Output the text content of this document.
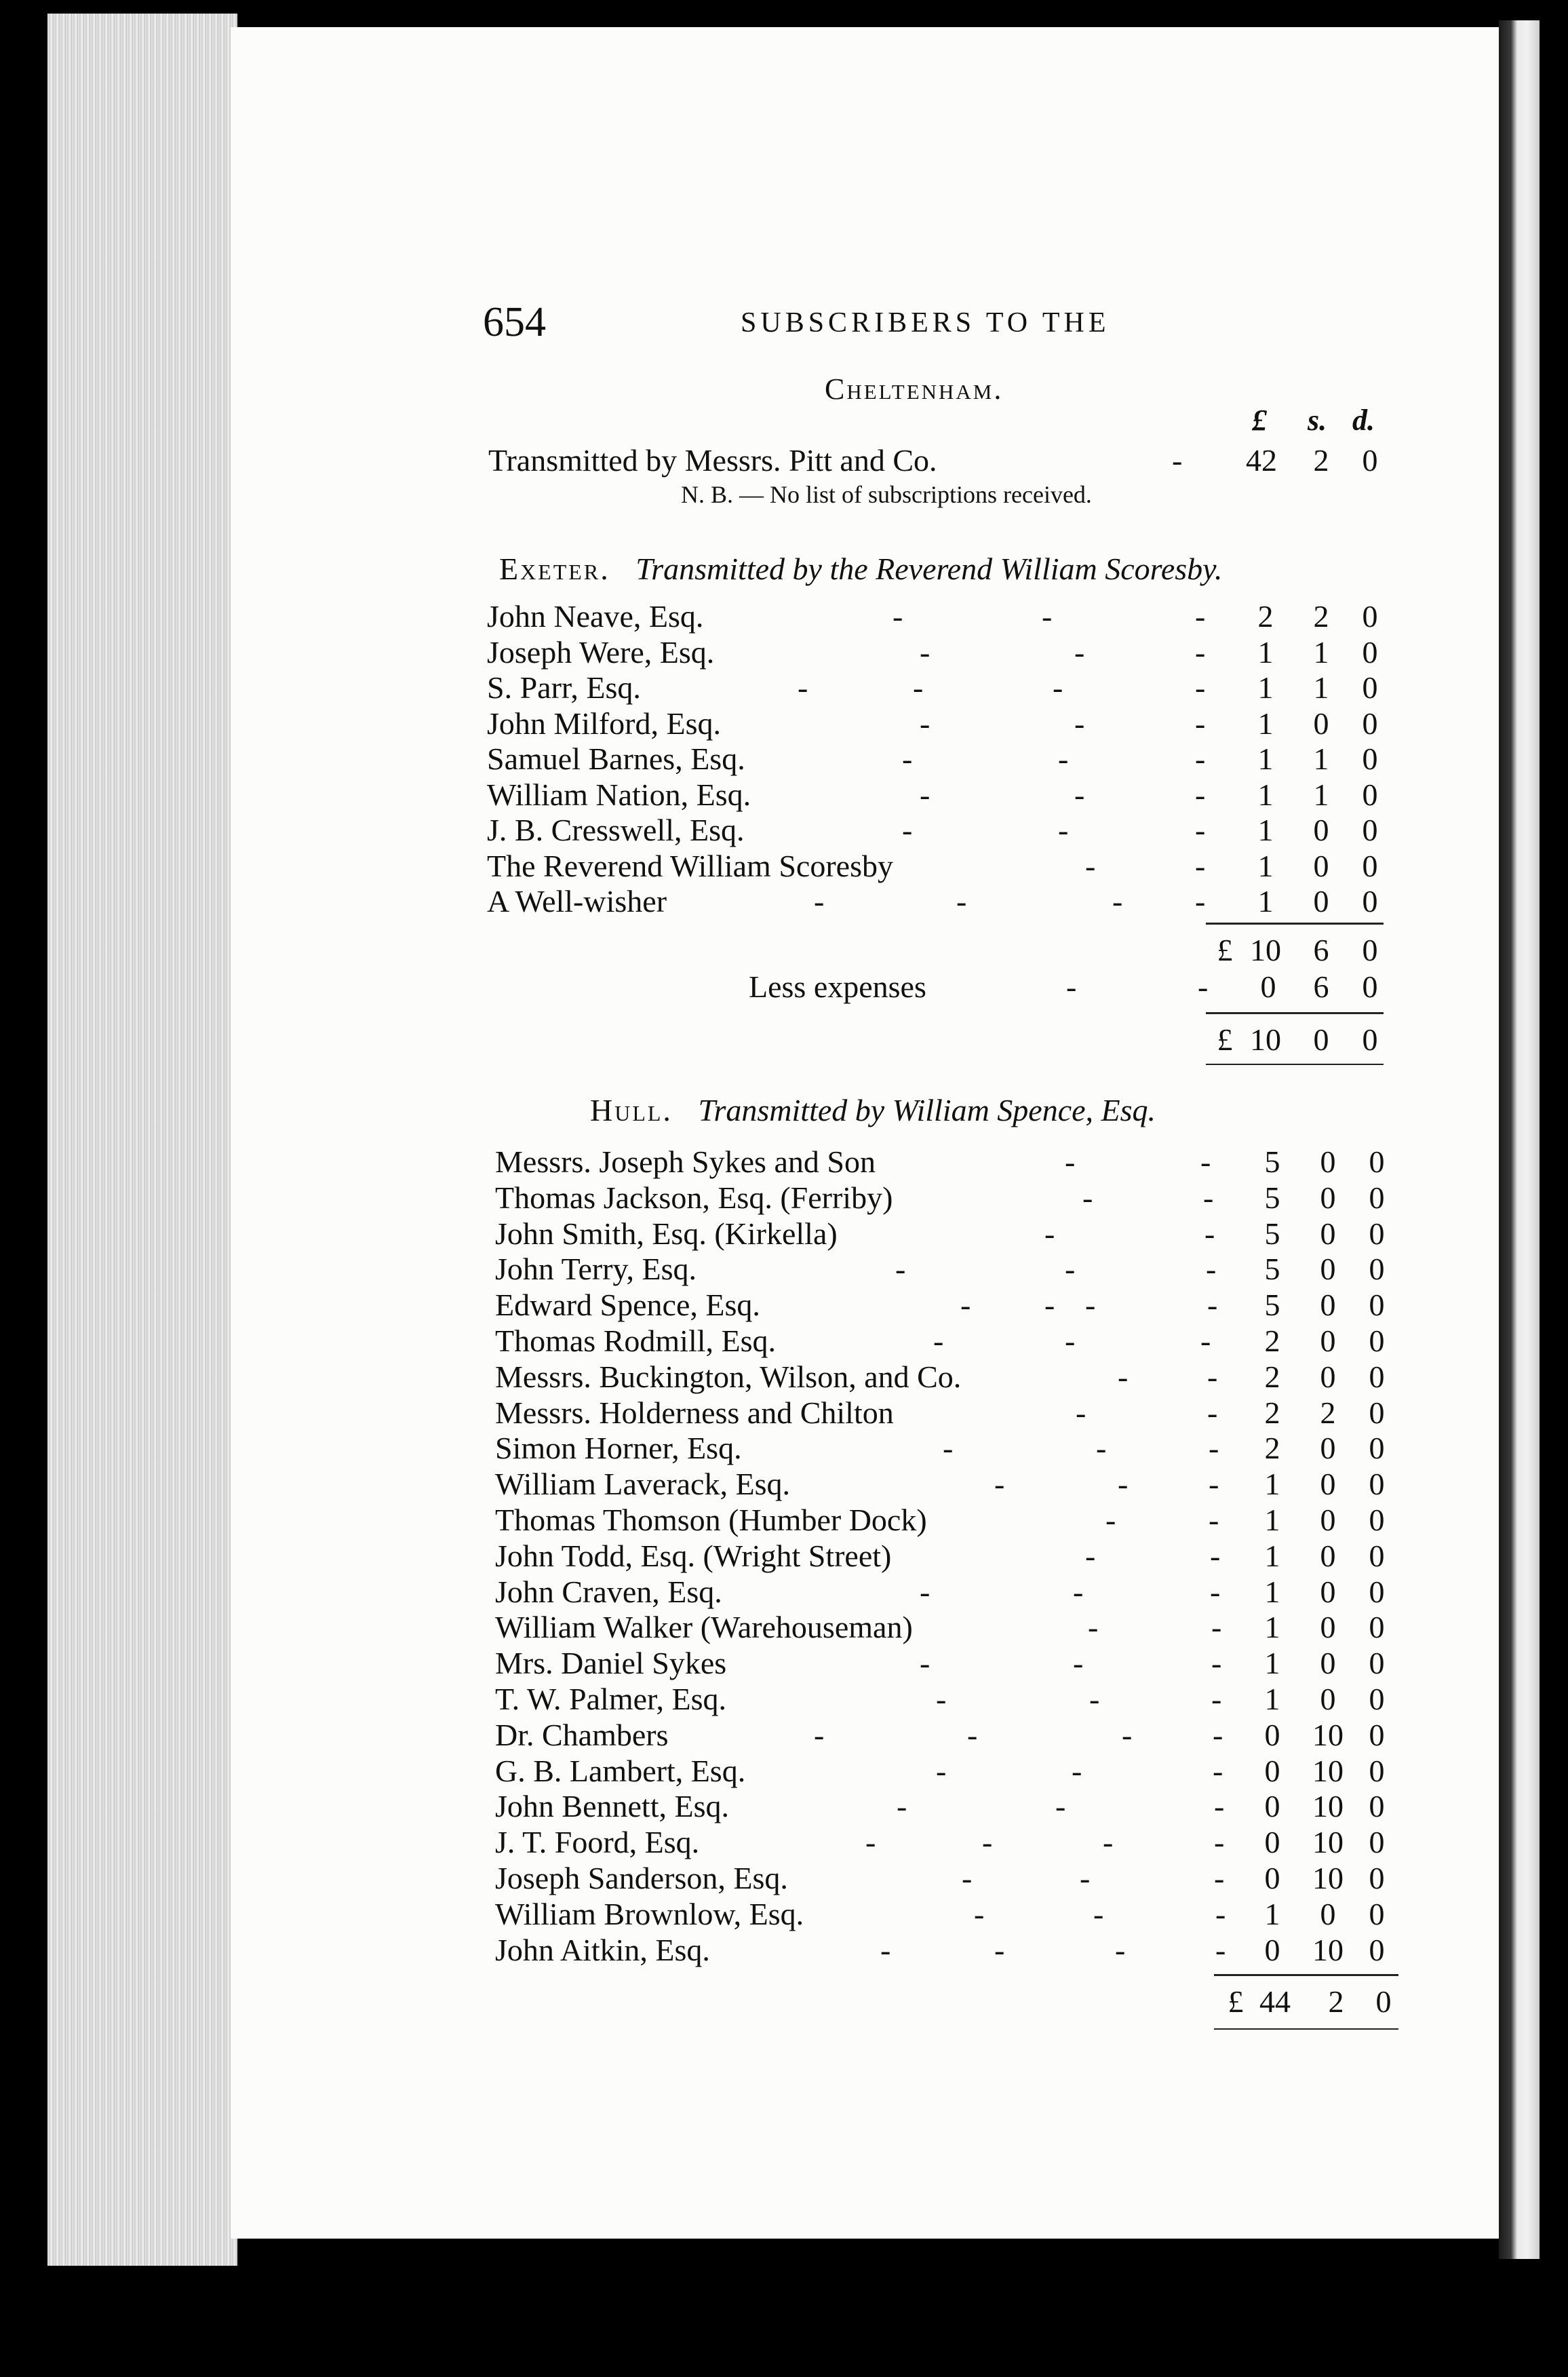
654	SUBSCRIBERS TO THE
Cheltenham.
£ s. d.
Transmitted by Messrs. Pitt and Co.	-	42	2	0
N. B. — No list of subscriptions received.
Exeter. Transmitted by the Reverend William Scoresby.
John Neave, Esq.	-	-	-	2	2	0
Joseph Were, Esq.	-	-	-	1	1	0
S. Parr, Esq.	-	-	-	-	1	1	0
John Milford, Esq.	-	-	-	1	0	0
Samuel Barnes, Esq.	-	-	-	1	1	0
William Nation, Esq.	-	-	-	1	1	0
J. B. Cresswell, Esq.	-	-	-	1	0	0
The Reverend William Scoresby	-	-	1	0	0
A Well-wisher	-	-	- -	1	0	0
£ 10	6	0
Less expenses	-	-	0	6	0
£ 10	0	0
Hull. Transmitted by William Spence, Esq.
Messrs. Joseph Sykes and Son	-	-	5	0	0
Thomas Jackson, Esq. (Ferriby)	-	-	5	0	0
John Smith, Esq. (Kirkella)	-	-	5	0	0
John Terry, Esq.	-	-	-	5	0	0
Edward Spence, Esq.	- - -	-	5	0	0
Thomas Rodmill, Esq.	-	-	-	2	0	0
Messrs. Buckington, Wilson, and Co.	-	-	2	0	0
Messrs. Holderness and Chilton	-	-	2	2	0
Simon Horner, Esq.	-	-	-	2	0	0
William Laverack, Esq.	-	-	-	1	0	0
Thomas Thomson (Humber Dock)	-	-	1	0	0
John Todd, Esq. (Wright Street)	-	-	1	0	0
John Craven, Esq.	-	-	-	1	0	0
William Walker (Warehouseman)	-	-	1	0	0
Mrs. Daniel Sykes	-	-	-	1	0	0
T. W. Palmer, Esq.	-	-	-	1	0	0
Dr. Chambers	-	-	-	-	0	10 0
G. B. Lambert, Esq.	-	-	-	0	10 0
John Bennett, Esq.	-	-	-	0	10 0
J. T. Foord, Esq.	-	-	-	-	0	10 0
Joseph Sanderson, Esq.	-	-	-	0	10 0
William Brownlow, Esq.	-	-	-	1	0	0
John Aitkin, Esq.	-	-	-	-	0	10 0
£ 44	2	0
